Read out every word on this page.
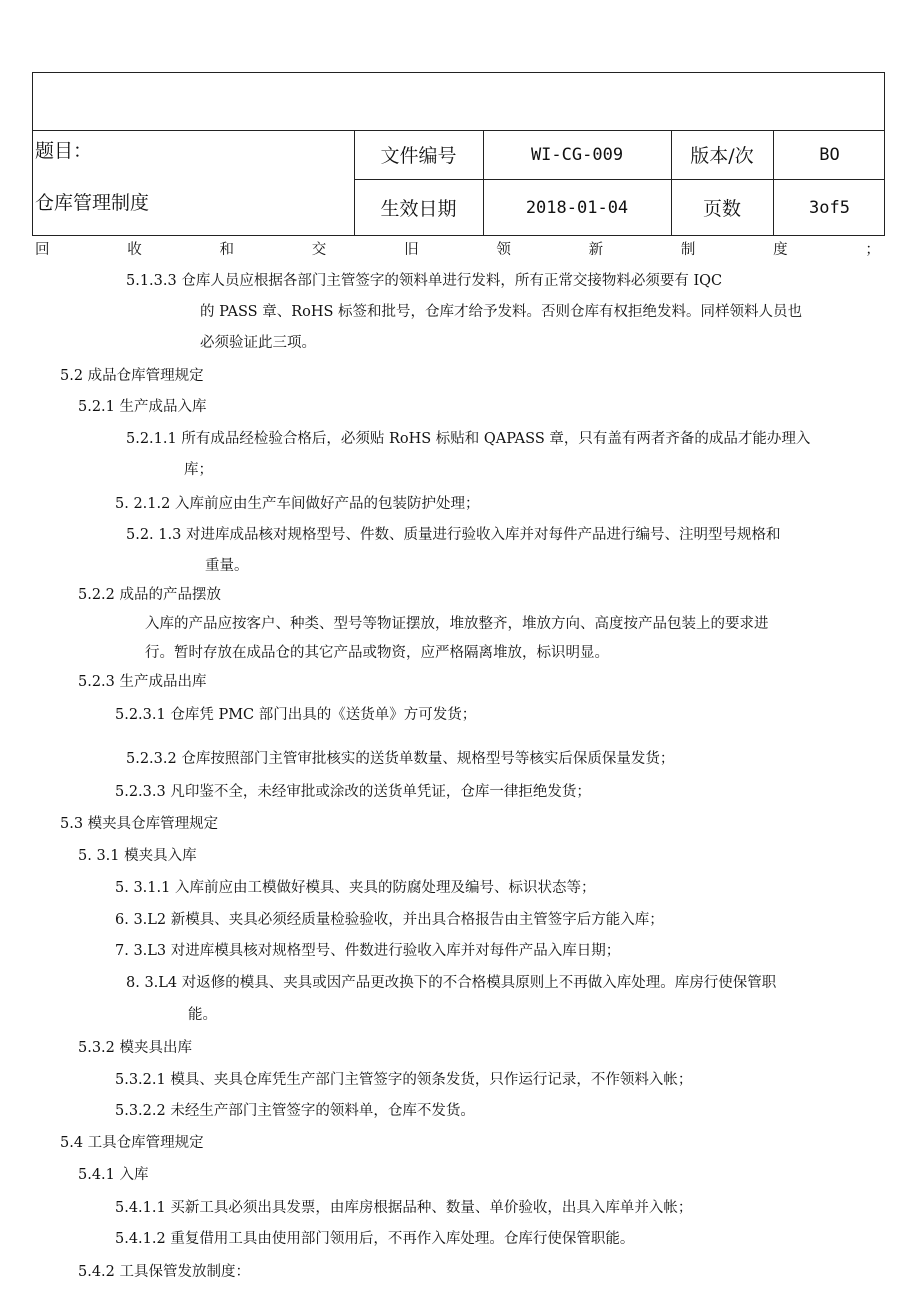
题目：
仓库管理制度
文件编号	WI-CG-009	版本/次	BO
生效日期	2018-01-04	页数	3of5
回	收	和	交	旧	领	新	制	度	；
5.1.3.3 仓库人员应根据各部门主管签字的领料单进行发料，所有正常交接物料必须要有 IQC
的 PASS 章、RoHS 标签和批号，仓库才给予发料。否则仓库有权拒绝发料。同样领料人员也
必须验证此三项。
5.2 成品仓库管理规定
5.2.1 生产成品入库
5.2.1.1 所有成品经检验合格后，必须贴 RoHS 标贴和 QAPASS 章，只有盖有两者齐备的成品才能办理入
库；
5. 2.1.2 入库前应由生产车间做好产品的包装防护处理；
5.2. 1.3 对进库成品核对规格型号、件数、质量进行验收入库并对每件产品进行编号、注明型号规格和
重量。
5.2.2 成品的产品摆放
入库的产品应按客户、种类、型号等物证摆放，堆放整齐，堆放方向、高度按产品包装上的要求进
行。暂时存放在成品仓的其它产品或物资，应严格隔离堆放，标识明显。
5.2.3 生产成品出库
5.2.3.1 仓库凭 PMC 部门出具的《送货单》方可发货；
5.2.3.2 仓库按照部门主管审批核实的送货单数量、规格型号等核实后保质保量发货；
5.2.3.3 凡印鉴不全，未经审批或涂改的送货单凭证，仓库一律拒绝发货；
5.3 模夹具仓库管理规定
5. 3.1 模夹具入库
5. 3.1.1 入库前应由工模做好模具、夹具的防腐处理及编号、标识状态等；
6. 3.L2 新模具、夹具必须经质量检验验收，并出具合格报告由主管签字后方能入库；
7. 3.L3 对进库模具核对规格型号、件数进行验收入库并对每件产品入库日期；
8. 3.L4 对返修的模具、夹具或因产品更改换下的不合格模具原则上不再做入库处理。库房行使保管职
能。
5.3.2 模夹具出库
5.3.2.1 模具、夹具仓库凭生产部门主管签字的领条发货，只作运行记录，不作领料入帐；
5.3.2.2 未经生产部门主管签字的领料单，仓库不发货。
5.4 工具仓库管理规定
5.4.1 入库
5.4.1.1 买新工具必须出具发票，由库房根据品种、数量、单价验收，出具入库单并入帐；
5.4.1.2 重复借用工具由使用部门领用后，不再作入库处理。仓库行使保管职能。
5.4.2 工具保管发放制度：
